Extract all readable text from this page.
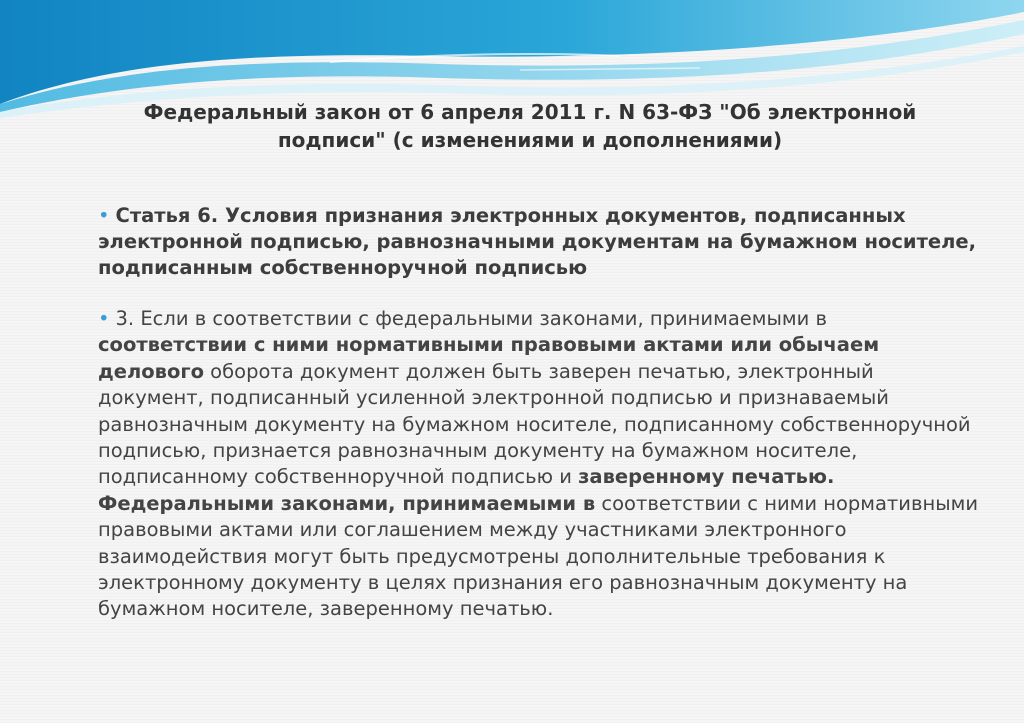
Федеральный закон от 6 апреля 2011 г. N 63-ФЗ "Об электронной подписи" (с изменениями и дополнениями)
• Статья 6. Условия признания электронных документов, подписанных электронной подписью, равнозначными документам на бумажном носителе, подписанным собственноручной подписью
• 3. Если в соответствии с федеральными законами, принимаемыми в соответствии с ними нормативными правовыми актами или обычаем делового оборота документ должен быть заверен печатью, электронный документ, подписанный усиленной электронной подписью и признаваемый равнозначным документу на бумажном носителе, подписанному собственноручной подписью, признается равнозначным документу на бумажном носителе, подписанному собственноручной подписью и заверенному печатью. Федеральными законами, принимаемыми в соответствии с ними нормативными правовыми актами или соглашением между участниками электронного взаимодействия могут быть предусмотрены дополнительные требования к электронному документу в целях признания его равнозначным документу на бумажном носителе, заверенному печатью.
